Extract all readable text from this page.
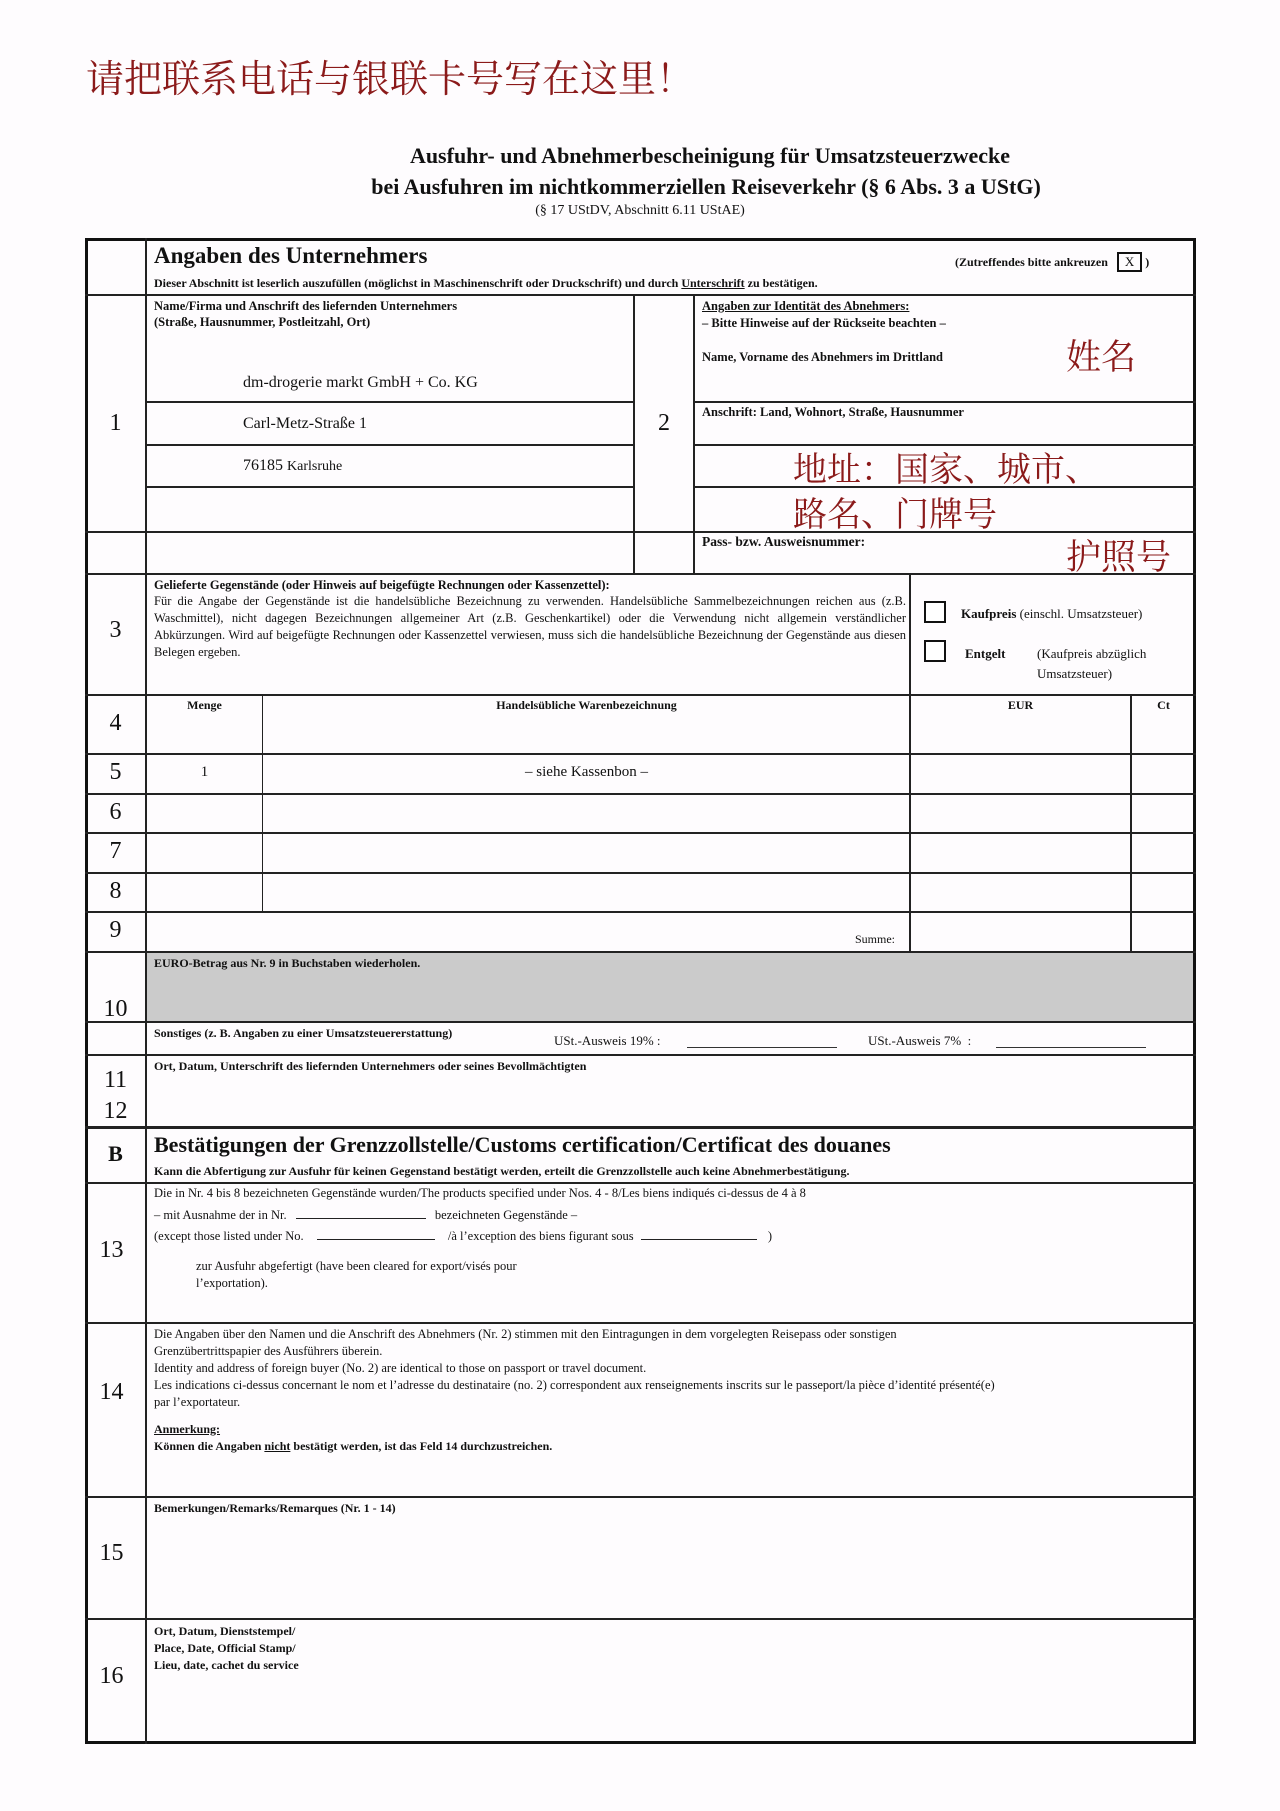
请把联系电话与银联卡号写在这里！
Ausfuhr- und Abnehmerbescheinigung für Umsatzsteuerzwecke
bei Ausfuhren im nichtkommerziellen Reiseverkehr (§ 6 Abs. 3 a UStG)
(§ 17 UStDV, Abschnitt 6.11 UStAE)
Angaben des Unternehmers	(Zutreffendes bitte ankreuzen X )
Dieser Abschnitt ist leserlich auszufüllen (möglichst in Maschinenschrift oder Druckschrift) und durch Unterschrift zu bestätigen.
1	2
Name/Firma und Anschrift des liefernden Unternehmers
(Straße, Hausnummer, Postleitzahl, Ort)
dm-drogerie markt GmbH + Co. KG
Carl-Metz-Straße 1
76185 Karlsruhe
Angaben zur Identität des Abnehmers:
– Bitte Hinweise auf der Rückseite beachten –
Name, Vorname des Abnehmers im Drittland	姓名
Anschrift: Land, Wohnort, Straße, Hausnummer
地址：国家、城市、
路名、门牌号
Pass- bzw. Ausweisnummer:	护照号
3
Gelieferte Gegenstände (oder Hinweis auf beigefügte Rechnungen oder Kassenzettel):
Für die Angabe der Gegenstände ist die handelsübliche Bezeichnung zu verwenden. Handelsübliche Sammelbezeichnungen reichen aus (z.B. Waschmittel), nicht dagegen Bezeichnungen allgemeiner Art (z.B. Geschenkartikel) oder die Verwendung nicht allgemein verständlicher Abkürzungen. Wird auf beigefügte Rechnungen oder Kassenzettel verwiesen, muss sich die handelsübliche Bezeichnung der Gegenstände aus diesen Belegen ergeben.
Kaufpreis (einschl. Umsatzsteuer)
Entgelt (Kaufpreis abzüglich
Umsatzsteuer)
4
Menge	Handelsübliche Warenbezeichnung	EUR	Ct
5	1	– siehe Kassenbon –
6
7
8
9	Summe:
EURO-Betrag aus Nr. 9 in Buchstaben wiederholen.
10
Sonstiges (z. B. Angaben zu einer Umsatzsteuererstattung)	USt.-Ausweis 19% :	USt.-Ausweis 7%  :
11
12
Ort, Datum, Unterschrift des liefernden Unternehmers oder seines Bevollmächtigten
B	Bestätigungen der Grenzzollstelle/Customs certification/Certificat des douanes
Kann die Abfertigung zur Ausfuhr für keinen Gegenstand bestätigt werden, erteilt die Grenzzollstelle auch keine Abnehmerbestätigung.
13
Die in Nr. 4 bis 8 bezeichneten Gegenstände wurden/The products specified under Nos. 4 - 8/Les biens indiqués ci-dessus de 4 à 8
– mit Ausnahme der in Nr.	bezeichneten Gegenstände –
(except those listed under No.	/à l’exception des biens figurant sous	)
zur Ausfuhr abgefertigt (have been cleared for export/visés pour
l’exportation).
14
Die Angaben über den Namen und die Anschrift des Abnehmers (Nr. 2) stimmen mit den Eintragungen in dem vorgelegten Reisepass oder sonstigen
Grenzübertrittspapier des Ausführers überein.
Identity and address of foreign buyer (No. 2) are identical to those on passport or travel document.
Les indications ci-dessus concernant le nom et l’adresse du destinataire (no. 2) correspondent aux renseignements inscrits sur le passeport/la pièce d’identité présenté(e)
par l’exportateur.
Anmerkung:
Können die Angaben nicht bestätigt werden, ist das Feld 14 durchzustreichen.
15
Bemerkungen/Remarks/Remarques (Nr. 1 - 14)
16
Ort, Datum, Dienststempel/
Place, Date, Official Stamp/
Lieu, date, cachet du service
